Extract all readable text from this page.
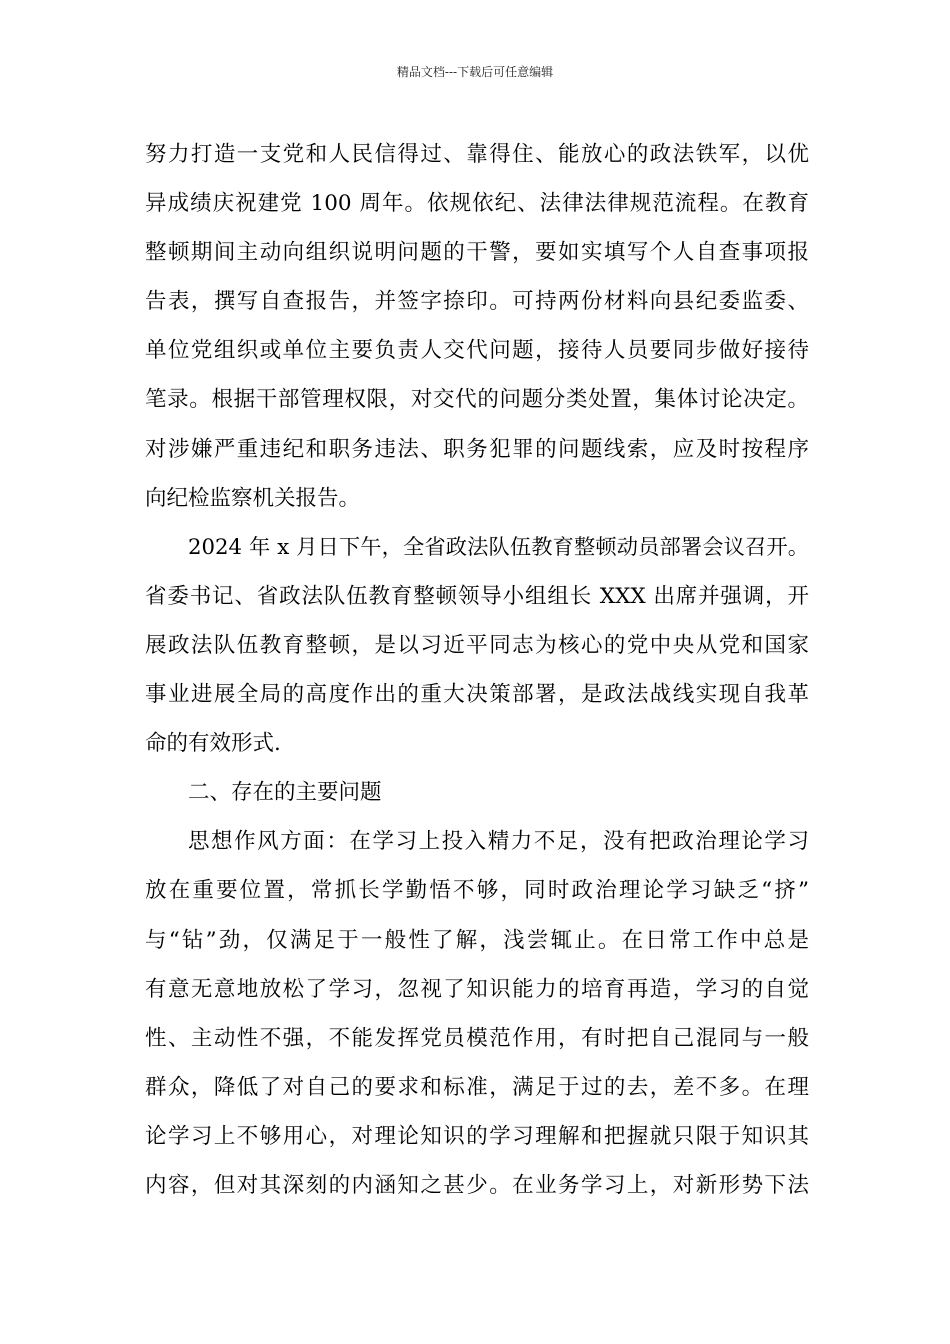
精品文档---下载后可任意编辑
努力打造一支党和人民信得过、靠得住、能放心的政法铁军，以优
异成绩庆祝建党 100 周年。依规依纪、法律法律规范流程。在教育
整顿期间主动向组织说明问题的干警，要如实填写个人自查事项报
告表，撰写自查报告，并签字捺印。可持两份材料向县纪委监委、
单位党组织或单位主要负责人交代问题，接待人员要同步做好接待
笔录。根据干部管理权限，对交代的问题分类处置，集体讨论决定。
对涉嫌严重违纪和职务违法、职务犯罪的问题线索，应及时按程序
向纪检监察机关报告。
2024 年 x 月日下午，全省政法队伍教育整顿动员部署会议召开。
省委书记、省政法队伍教育整顿领导小组组长 XXX 出席并强调，开
展政法队伍教育整顿，是以习近平同志为核心的党中央从党和国家
事业进展全局的高度作出的重大决策部署，是政法战线实现自我革
命的有效形式.
二、存在的主要问题
思想作风方面：在学习上投入精力不足，没有把政治理论学习
放在重要位置，常抓长学勤悟不够，同时政治理论学习缺乏“挤”
与“钻”劲，仅满足于一般性了解，浅尝辄止。在日常工作中总是
有意无意地放松了学习，忽视了知识能力的培育再造，学习的自觉
性、主动性不强，不能发挥党员模范作用，有时把自己混同与一般
群众，降低了对自己的要求和标准，满足于过的去，差不多。在理
论学习上不够用心，对理论知识的学习理解和把握就只限于知识其
内容，但对其深刻的内涵知之甚少。在业务学习上，对新形势下法
